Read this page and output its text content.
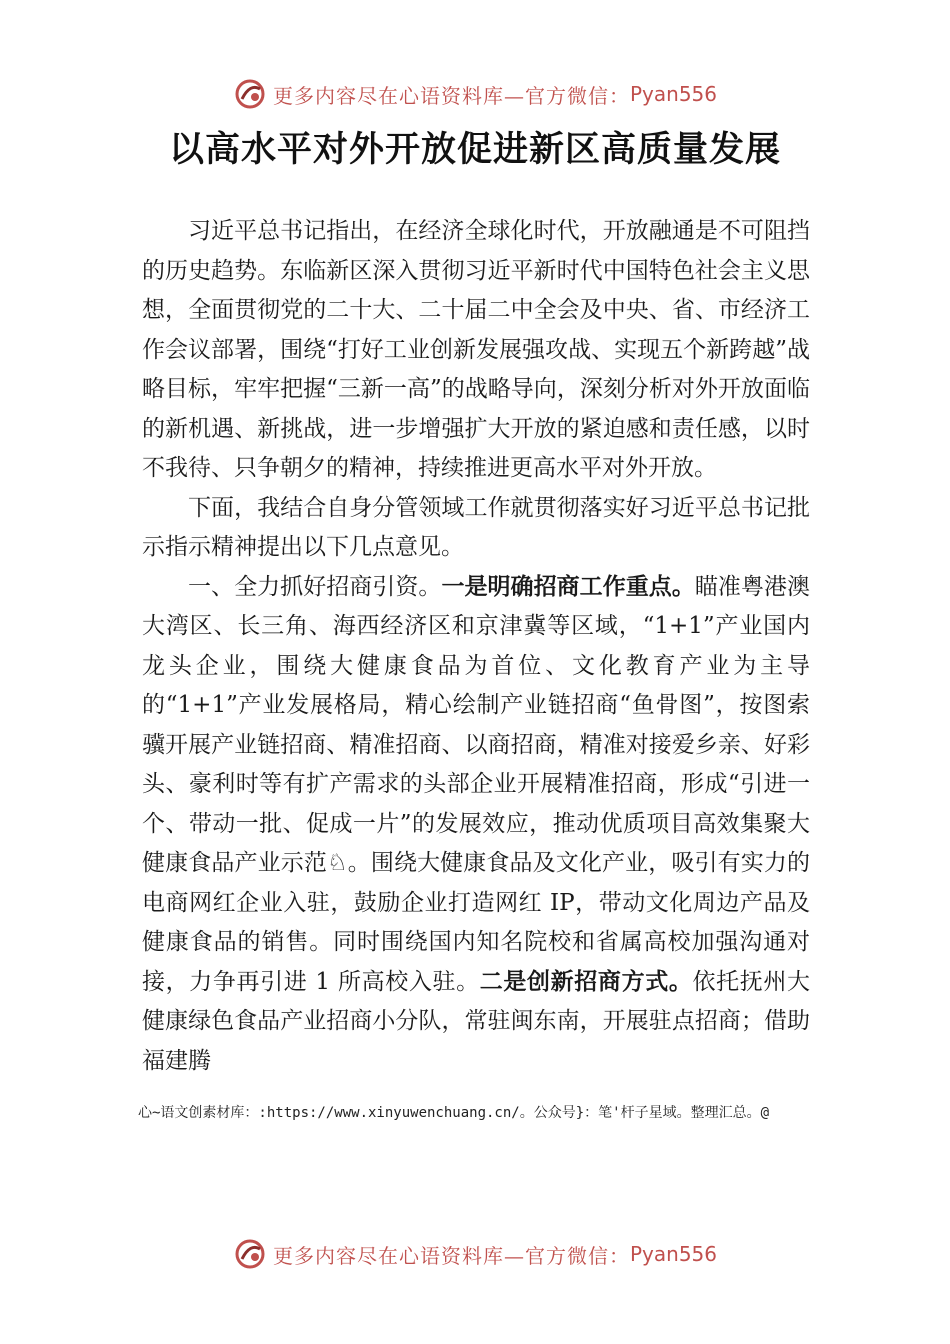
更多内容尽在心语资料库—官方微信： Pyan556
以高水平对外开放促进新区高质量发展

习近平总书记指出，在经济全球化时代，开放融通是不可阻挡的历史趋势。东临新区深入贯彻习近平新时代中国特色社会主义思想，全面贯彻党的二十大、二十届二中全会及中央、省、市经济工作会议部署，围绕“打好工业创新发展强攻战、实现五个新跨越”战略目标，牢牢把握“三新一高”的战略导向，深刻分析对外开放面临的新机遇、新挑战，进一步增强扩大开放的紧迫感和责任感，以时不我待、只争朝夕的精神，持续推进更高水平对外开放。

下面，我结合自身分管领域工作就贯彻落实好习近平总书记批示指示精神提出以下几点意见。

一、全力抓好招商引资。一是明确招商工作重点。瞄准粤港澳大湾区、长三角、海西经济区和京津冀等区域，“1+1”产业国内龙头企业，围绕大健康食品为首位、文化教育产业为主导的“1+1”产业发展格局，精心绘制产业链招商“鱼骨图”，按图索骥开展产业链招商、精准招商、以商招商，精准对接爱乡亲、好彩头、豪利时等有扩产需求的头部企业开展精准招商，形成“引进一个、带动一批、促成一片”的发展效应，推动优质项目高效集聚大健康食品产业示范♘。围绕大健康食品及文化产业，吸引有实力的电商网红企业入驻，鼓励企业打造网红 IP，带动文化周边产品及健康食品的销售。同时围绕国内知名院校和省属高校加强沟通对接，力争再引进 1 所高校入驻。二是创新招商方式。依托抚州大健康绿色食品产业招商小分队，常驻闽东南，开展驻点招商；借助福建腾

心~语文创素材库：:https://www.xinyuwenchuang.cn/。公众号}：笔'杆子星域。整理汇总。@
更多内容尽在心语资料库—官方微信： Pyan556
